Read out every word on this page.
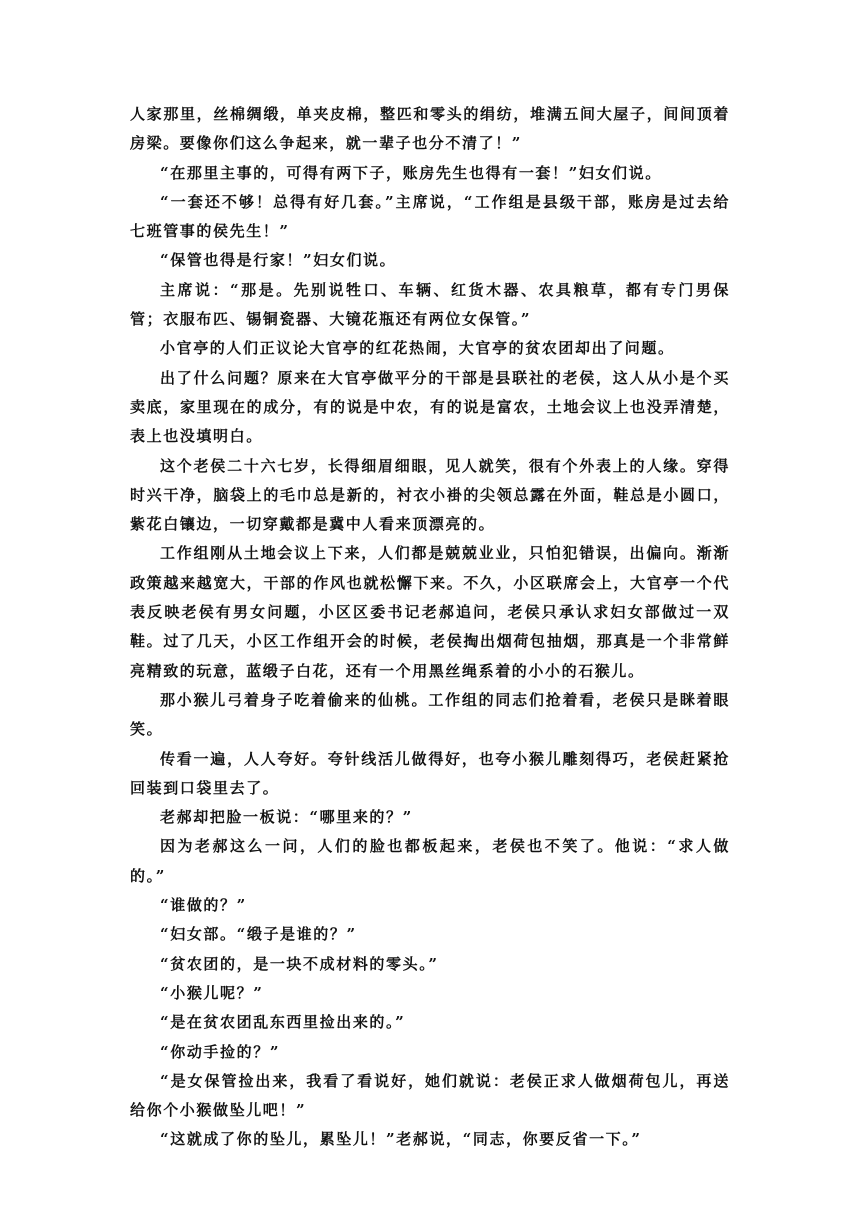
人家那里，丝棉绸缎，单夹皮棉，整匹和零头的绢纺，堆满五间大屋子，间间顶着房梁。要像你们这么争起来，就一辈子也分不清了！”

“在那里主事的，可得有两下子，账房先生也得有一套！”妇女们说。

“一套还不够！总得有好几套。”主席说，“工作组是县级干部，账房是过去给七班管事的侯先生！”

“保管也得是行家！”妇女们说。

主席说：“那是。先别说牲口、车辆、红货木器、农具粮草，都有专门男保管；衣服布匹、锡铜瓷器、大镜花瓶还有两位女保管。”

小官亭的人们正议论大官亭的红花热闹，大官亭的贫农团却出了问题。

出了什么问题？原来在大官亭做平分的干部是县联社的老侯，这人从小是个买卖底，家里现在的成分，有的说是中农，有的说是富农，土地会议上也没弄清楚，表上也没填明白。

这个老侯二十六七岁，长得细眉细眼，见人就笑，很有个外表上的人缘。穿得时兴干净，脑袋上的毛巾总是新的，衬衣小褂的尖领总露在外面，鞋总是小圆口，紫花白镶边，一切穿戴都是冀中人看来顶漂亮的。

工作组刚从土地会议上下来，人们都是兢兢业业，只怕犯错误，出偏向。渐渐政策越来越宽大，干部的作风也就松懈下来。不久，小区联席会上，大官亭一个代表反映老侯有男女问题，小区区委书记老郝追问，老侯只承认求妇女部做过一双鞋。过了几天，小区工作组开会的时候，老侯掏出烟荷包抽烟，那真是一个非常鲜亮精致的玩意，蓝缎子白花，还有一个用黑丝绳系着的小小的石猴儿。

那小猴儿弓着身子吃着偷来的仙桃。工作组的同志们抢着看，老侯只是眯着眼笑。

传看一遍，人人夸好。夸针线活儿做得好，也夸小猴儿雕刻得巧，老侯赶紧抢回装到口袋里去了。

老郝却把脸一板说：“哪里来的？”

因为老郝这么一问，人们的脸也都板起来，老侯也不笑了。他说：“求人做的。”

“谁做的？”

“妇女部。“缎子是谁的？”

“贫农团的，是一块不成材料的零头。”

“小猴儿呢？”

“是在贫农团乱东西里捡出来的。”

“你动手捡的？”

“是女保管捡出来，我看了看说好，她们就说：老侯正求人做烟荷包儿，再送给你个小猴做坠儿吧！”

“这就成了你的坠儿，累坠儿！”老郝说，“同志，你要反省一下。”
